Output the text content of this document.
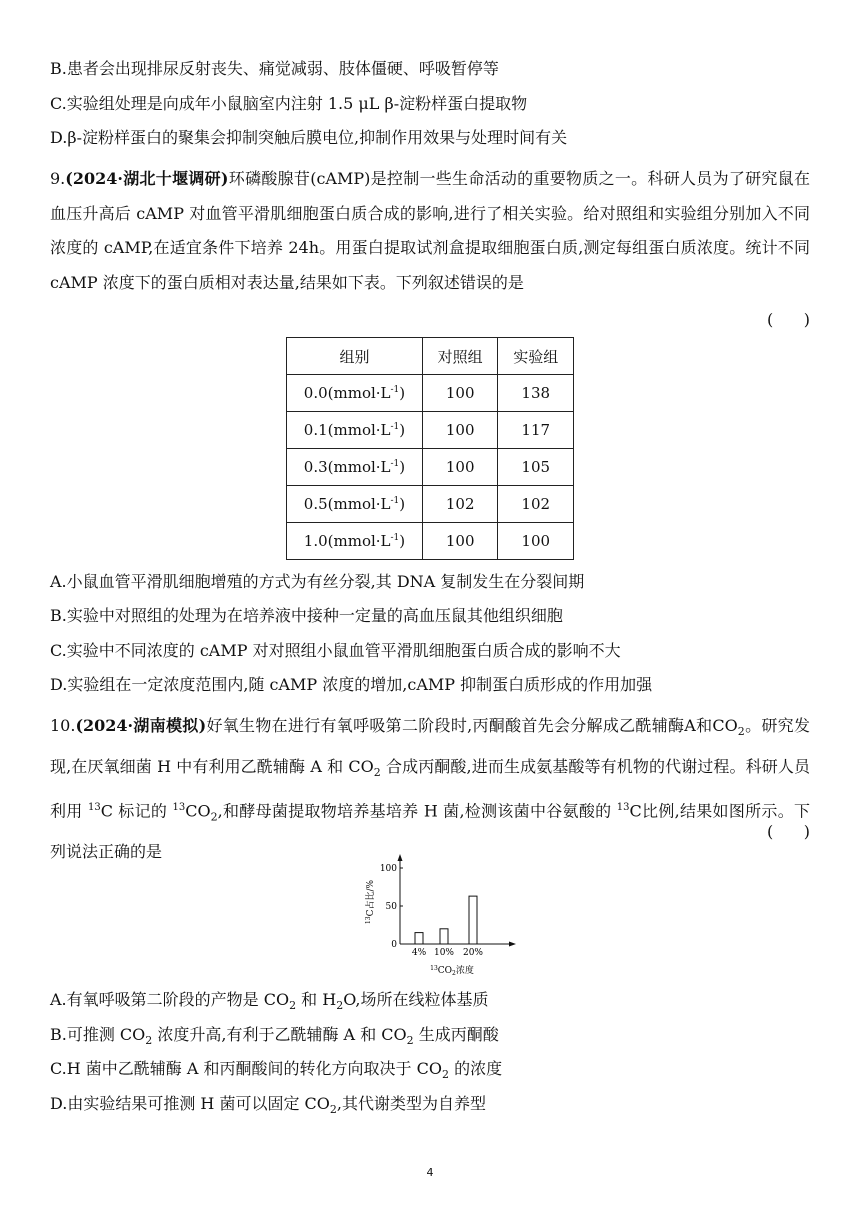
B.患者会出现排尿反射丧失、痛觉减弱、肢体僵硬、呼吸暂停等
C.实验组处理是向成年小鼠脑室内注射 1.5 μL β-淀粉样蛋白提取物
D.β-淀粉样蛋白的聚集会抑制突触后膜电位,抑制作用效果与处理时间有关
9.(2024·湖北十堰调研)环磷酸腺苷(cAMP)是控制一些生命活动的重要物质之一。科研人员为了研究鼠在血压升高后 cAMP 对血管平滑肌细胞蛋白质合成的影响,进行了相关实验。给对照组和实验组分别加入不同浓度的 cAMP,在适宜条件下培养 24h。用蛋白提取试剂盒提取细胞蛋白质,测定每组蛋白质浓度。统计不同 cAMP 浓度下的蛋白质相对表达量,结果如下表。下列叙述错误的是
(      )
组别	对照组	实验组
$0.0(mmol\cdot L^{-1})$	100	138
$0.1(mmol\cdot L^{-1})$	100	117
$0.3(mmol\cdot L^{-1})$	100	105
$0.5(mmol\cdot L^{-1})$	102	102
$1.0(mmol\cdot L^{-1})$	100	100
A.小鼠血管平滑肌细胞增殖的方式为有丝分裂,其 DNA 复制发生在分裂间期
B.实验中对照组的处理为在培养液中接种一定量的高血压鼠其他组织细胞
C.实验中不同浓度的 cAMP 对对照组小鼠血管平滑肌细胞蛋白质合成的影响不大
D.实验组在一定浓度范围内,随 cAMP 浓度的增加,cAMP 抑制蛋白质形成的作用加强
10.(2024·湖南模拟)好氧生物在进行有氧呼吸第二阶段时,丙酮酸首先会分解成乙酰辅酶A和$CO_2$。研究发现,在厌氧细菌 H 中有利用乙酰辅酶 A 和 $CO_2$ 合成丙酮酸,进而生成氨基酸等有机物的代谢过程。科研人员利用 $^{13}$C 标记的 $^{13}CO_2$,和酵母菌提取物培养基培养 H 菌,检测该菌中谷氨酸的 $^{13}$C比例,结果如图所示。下列说法正确的是
(      )
0
50
100
4% 10% 20%
$^{13}$C占比/%
$^{13}CO_2$浓度
A.有氧呼吸第二阶段的产物是 $CO_2$ 和 $H_2O$,场所在线粒体基质
B.可推测 $CO_2$ 浓度升高,有利于乙酰辅酶 A 和 $CO_2$ 生成丙酮酸
C.H 菌中乙酰辅酶 A 和丙酮酸间的转化方向取决于 $CO_2$ 的浓度
D.由实验结果可推测 H 菌可以固定 $CO_2$,其代谢类型为自养型
4
